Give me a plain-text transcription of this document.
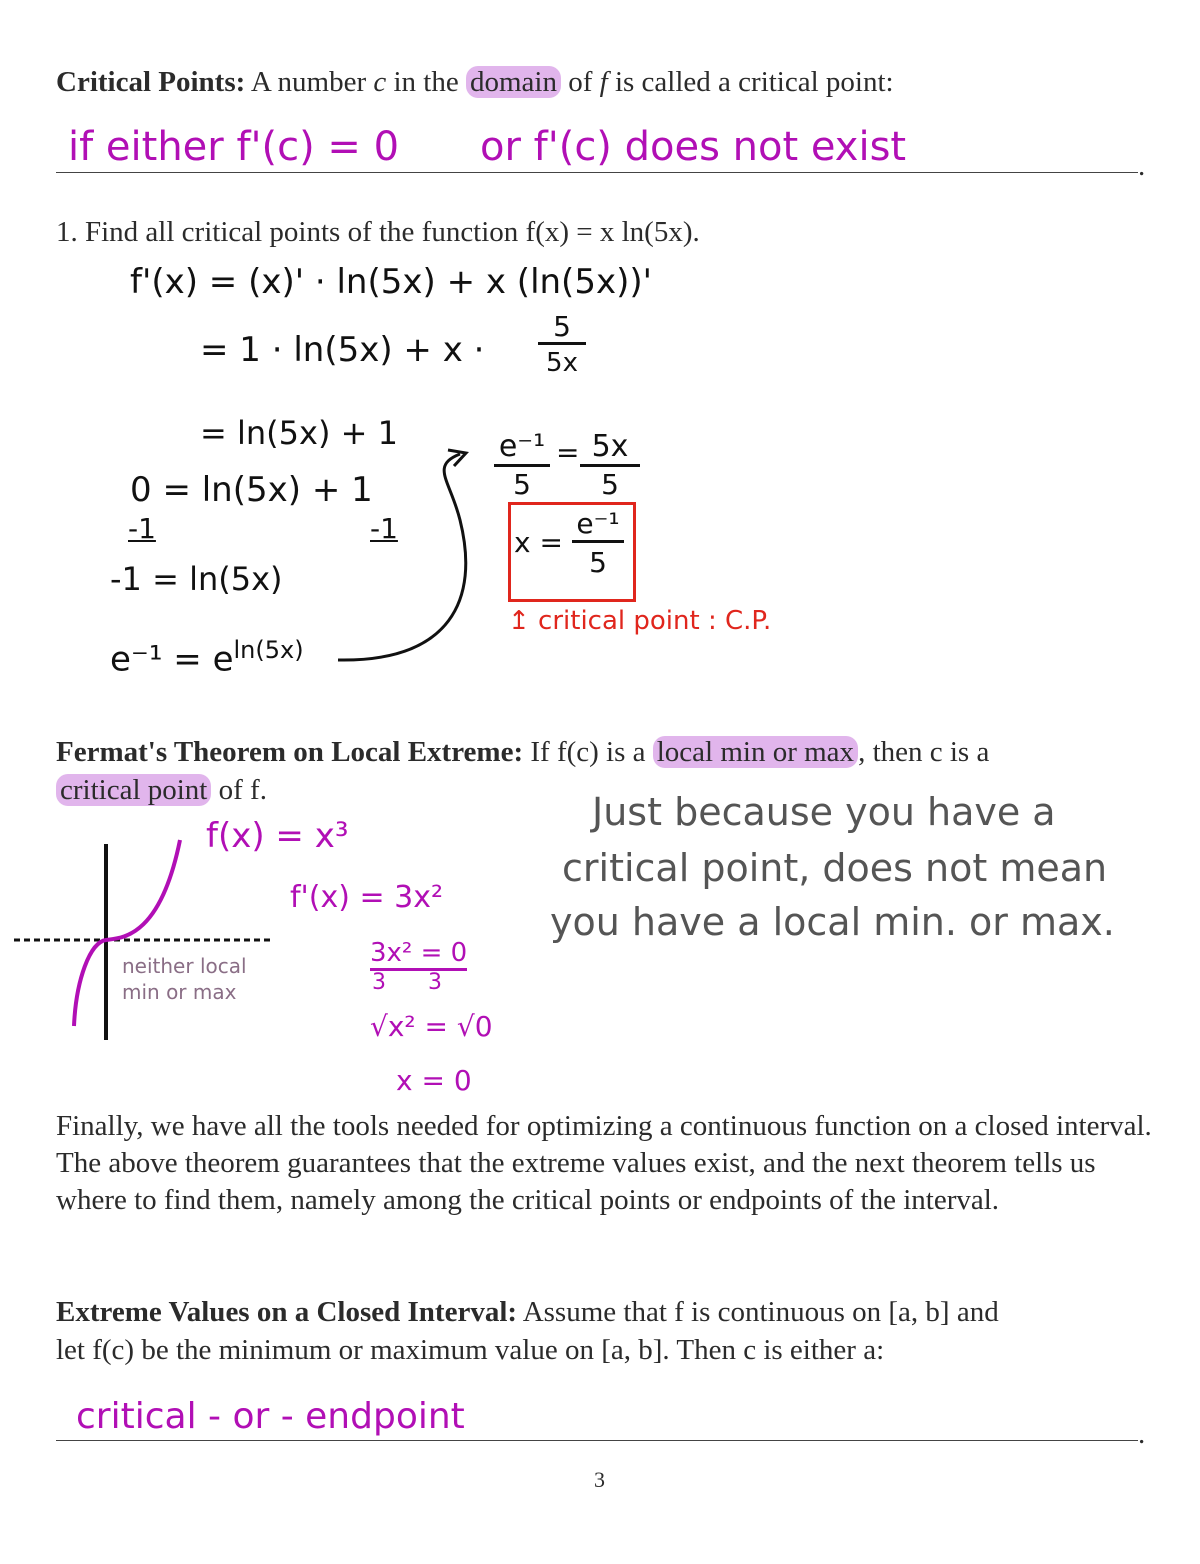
Critical Points: A number c in the domain of f is called a critical point:
if either f'(c) = 0 or f'(c) does not exist	.
1. Find all critical points of the function f(x) = x ln(5x).
f'(x) = (x)' · ln(5x) + x (ln(5x))'
= 1 · ln(5x) + x ·
5
5x
= ln(5x) + 1
0 = ln(5x) + 1
-1	-1
-1 = ln(5x)
$e^{-1} = e^{ln(5x)}$
e⁻¹
5
= 5x
5
x =
e⁻¹
5
↥ critical point : C.P.
Fermat's Theorem on Local Extreme: If f(c) is a local min or max , then c is a
critical point of f.	Just because you have a
critical point, does not mean
you have a local min. or max.
f(x) = x³
neither local
min or max
f'(x) = 3x²
3x² = 0
3      3
√x² = √0
x = 0
Finally, we have all the tools needed for optimizing a continuous function on a closed interval. The above theorem guarantees that the extreme values exist, and the next theorem tells us where to find them, namely among the critical points or endpoints of the interval.
Extreme Values on a Closed Interval: Assume that f is continuous on [a, b] and
let f(c) be the minimum or maximum value on [a, b]. Then c is either a:
critical - or - endpoint	.
3
